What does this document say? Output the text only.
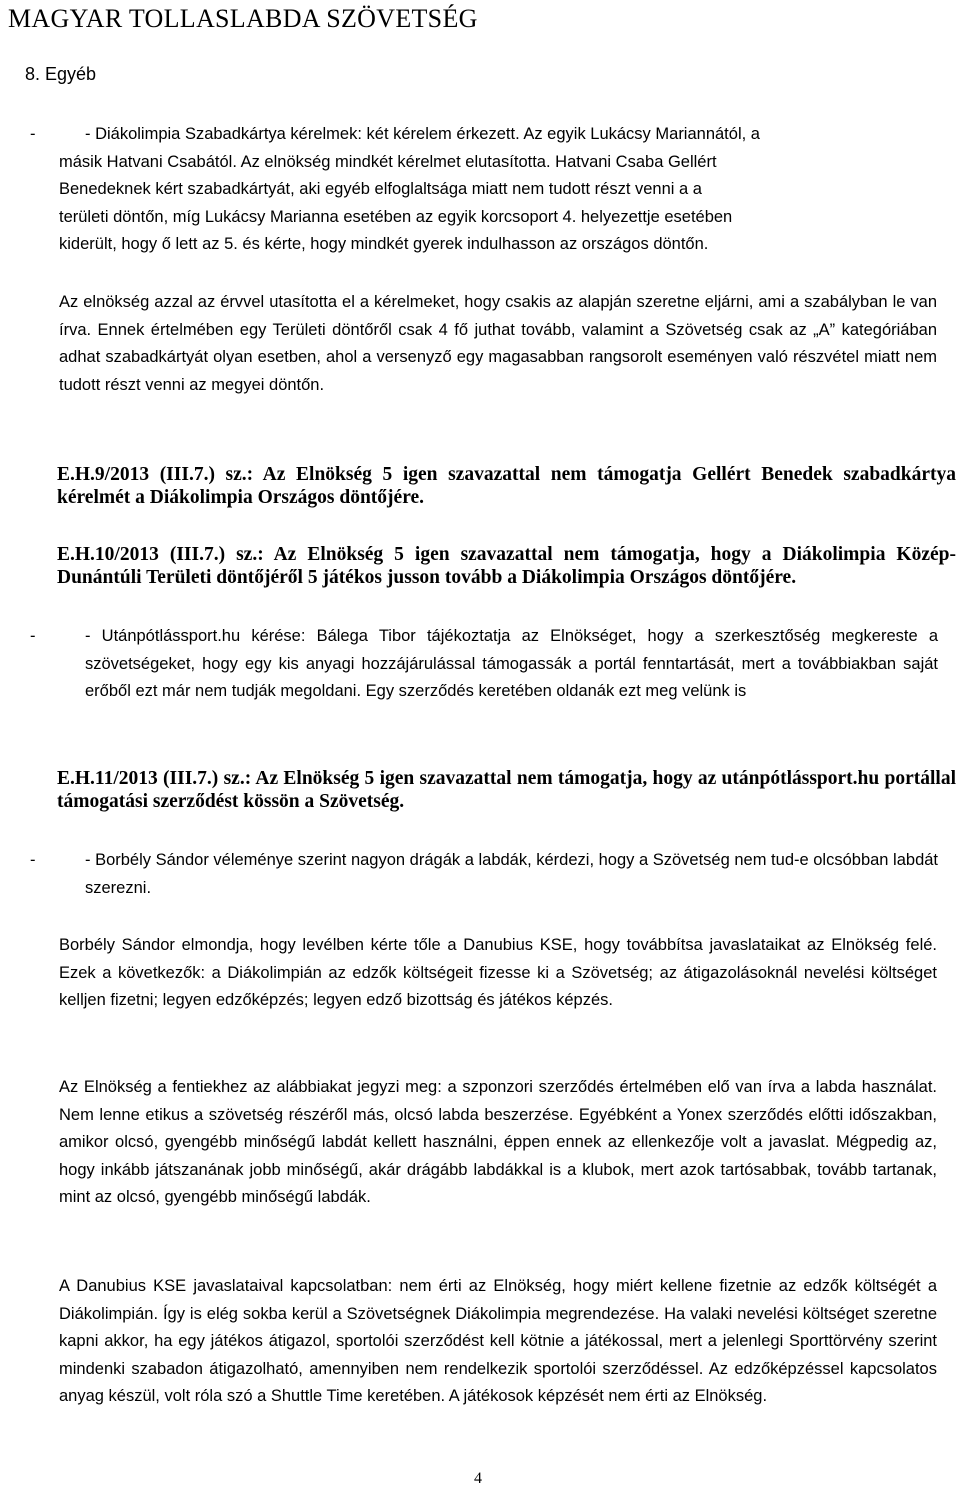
MAGYAR TOLLASLABDA SZÖVETSÉG
8. Egyéb
-	- Diákolimpia Szabadkártya kérelmek: két kérelem érkezett. Az egyik Lukácsy Mariannától, a
másik Hatvani Csabától. Az elnökség mindkét kérelmet elutasította. Hatvani Csaba Gellért
Benedeknek kért szabadkártyát, aki egyéb elfoglaltsága miatt nem tudott részt venni a a
területi döntőn, míg Lukácsy Marianna esetében az egyik korcsoport 4. helyezettje esetében
kiderült, hogy ő lett az 5. és kérte, hogy mindkét gyerek indulhasson az országos döntőn.
Az elnökség azzal az érvvel utasította el a kérelmeket, hogy csakis az alapján szeretne eljárni, ami a szabályban le van írva. Ennek értelmében egy Területi döntőről csak 4 fő juthat tovább, valamint a Szövetség csak az „A” kategóriában adhat szabadkártyát olyan esetben, ahol a versenyző egy magasabban rangsorolt eseményen való részvétel miatt nem tudott részt venni az megyei döntőn.
E.H.9/2013 (III.7.) sz.: Az Elnökség 5 igen szavazattal nem támogatja Gellért Benedek szabadkártya kérelmét a Diákolimpia Országos döntőjére.
E.H.10/2013 (III.7.) sz.: Az Elnökség 5 igen szavazattal nem támogatja, hogy a Diákolimpia Közép-Dunántúli Területi döntőjéről 5 játékos jusson tovább a Diákolimpia Országos döntőjére.
-	- Utánpótlássport.hu kérése: Bálega Tibor tájékoztatja az Elnökséget, hogy a szerkesztőség megkereste a szövetségeket, hogy egy kis anyagi hozzájárulással támogassák a portál fenntartását, mert a továbbiakban saját erőből ezt már nem tudják megoldani. Egy szerződés keretében oldanák ezt meg velünk is
E.H.11/2013 (III.7.) sz.: Az Elnökség 5 igen szavazattal nem támogatja, hogy az utánpótlássport.hu portállal támogatási szerződést kössön a Szövetség.
-	- Borbély Sándor véleménye szerint nagyon drágák a labdák, kérdezi, hogy a Szövetség nem tud-e olcsóbban labdát szerezni.
Borbély Sándor elmondja, hogy levélben kérte tőle a Danubius KSE, hogy továbbítsa javaslataikat az Elnökség felé. Ezek a következők: a Diákolimpián az edzők költségeit fizesse ki a Szövetség; az átigazolásoknál nevelési költséget kelljen fizetni; legyen edzőképzés; legyen edző bizottság és játékos képzés.
Az Elnökség a fentiekhez az alábbiakat jegyzi meg: a szponzori szerződés értelmében elő van írva a labda használat. Nem lenne etikus a szövetség részéről más, olcsó labda beszerzése. Egyébként a Yonex szerződés előtti időszakban, amikor olcsó, gyengébb minőségű labdát kellett használni, éppen ennek az ellenkezője volt a javaslat. Mégpedig az, hogy inkább játszanának jobb minőségű, akár drágább labdákkal is a klubok, mert azok tartósabbak, tovább tartanak, mint az olcsó, gyengébb minőségű labdák.
A Danubius KSE javaslataival kapcsolatban: nem érti az Elnökség, hogy miért kellene fizetnie az edzők költségét a Diákolimpián. Így is elég sokba kerül a Szövetségnek Diákolimpia megrendezése. Ha valaki nevelési költséget szeretne kapni akkor, ha egy játékos átigazol, sportolói szerződést kell kötnie a játékossal, mert a jelenlegi Sporttörvény szerint mindenki szabadon átigazolható, amennyiben nem rendelkezik sportolói szerződéssel. Az edzőképzéssel kapcsolatos anyag készül, volt róla szó a Shuttle Time keretében. A játékosok képzését nem érti az Elnökség.
4
